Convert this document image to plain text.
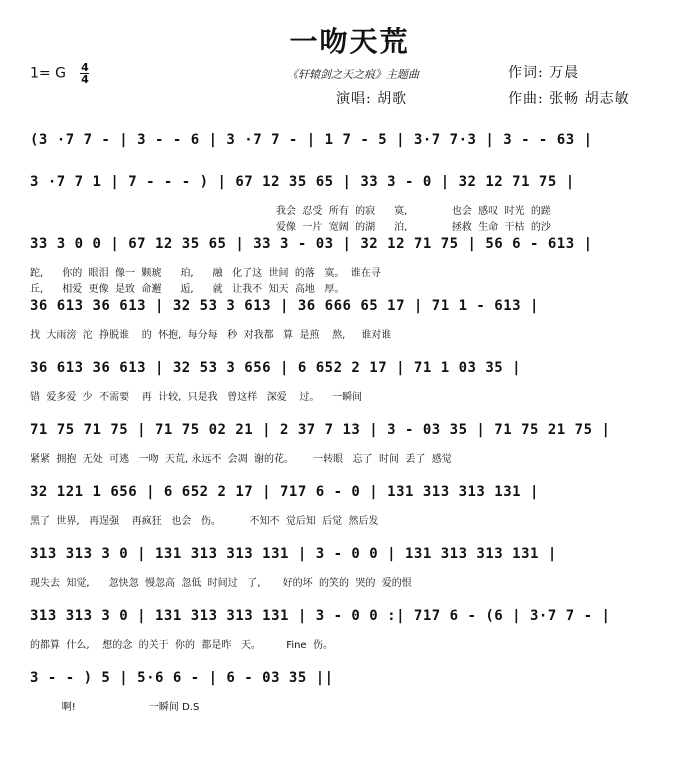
一吻天荒
1= G $\frac{4}{4}$	《轩辕剑之天之痕》主题曲	作词: 万晨
演唱: 胡歌	作曲: 张畅 胡志敏
(3 ·7 7 - | 3 - - 6 | 3 ·7 7 - | 1 7 - 5 | 3·7 7·3 | 3 - - 63 |
3 ·7 7 1 | 7 - - - ) | 67 12 35 65 | 33 3 - 0 | 32 12 71 75 |
我会  忍受  所有  的寂      寞,              也会  感叹  时光  的蹉
爱像  一片  宽阔  的湖      泊,              拯救  生命  干枯  的沙
33 3 0 0 | 67 12 35 65 | 33 3 - 03 | 32 12 71 75 | 56 6 - 613 |
跎,      你的  眼泪  像一  颗琥      珀,      融   化了这  世间  的落   寞。  谁在寻
丘,      相爱  更像  是致  命邂      逅,      就   让我不  知天  高地   厚。
36 613 36 613 | 32 53 3 613 | 36 666 65 17 | 71 1 - 613 |
找  大雨滂  沱  挣脱谁    的  怀抱,  每分每   秒  对我都   算  是煎    熬,     谁对谁
36 613 36 613 | 32 53 3 656 | 6 652 2 17 | 71 1 03 35 |
错  爱多爱  少  不需要    再  计较,  只是我   曾这样   深爱    过。    一瞬间
71 75 71 75 | 71 75 02 21 | 2 37 7 13 | 3 - 03 35 | 71 75 21 75 |
紧紧  拥抱  无处  可逃   一吻  天荒, 永远不  会凋  谢的花。      一转眼   忘了  时间  丢了  感觉
32 121 1 656 | 6 652 2 17 | 717 6 - 0 | 131 313 313 131 |
黑了  世界,   再逞强    再疯狂   也会   伤。         不知不  觉后知  后觉  然后发
313 313 3 0 | 131 313 313 131 | 3 - 0 0 | 131 313 313 131 |
现失去  知觉,      忽快忽  慢忽高  忽低  时间过   了,       好的坏  的笑的  哭的  爱的恨
313 313 3 0 | 131 313 313 131 | 3 - 0 0 :| 717 6 - (6 | 3·7 7 - |
的都算  什么,    想的念  的关于  你的  都是昨   天。        Fine  伤。
3 - - ) 5 | 5·6 6 - | 6 - 03 35 ||
啊!                       一瞬间 D.S
